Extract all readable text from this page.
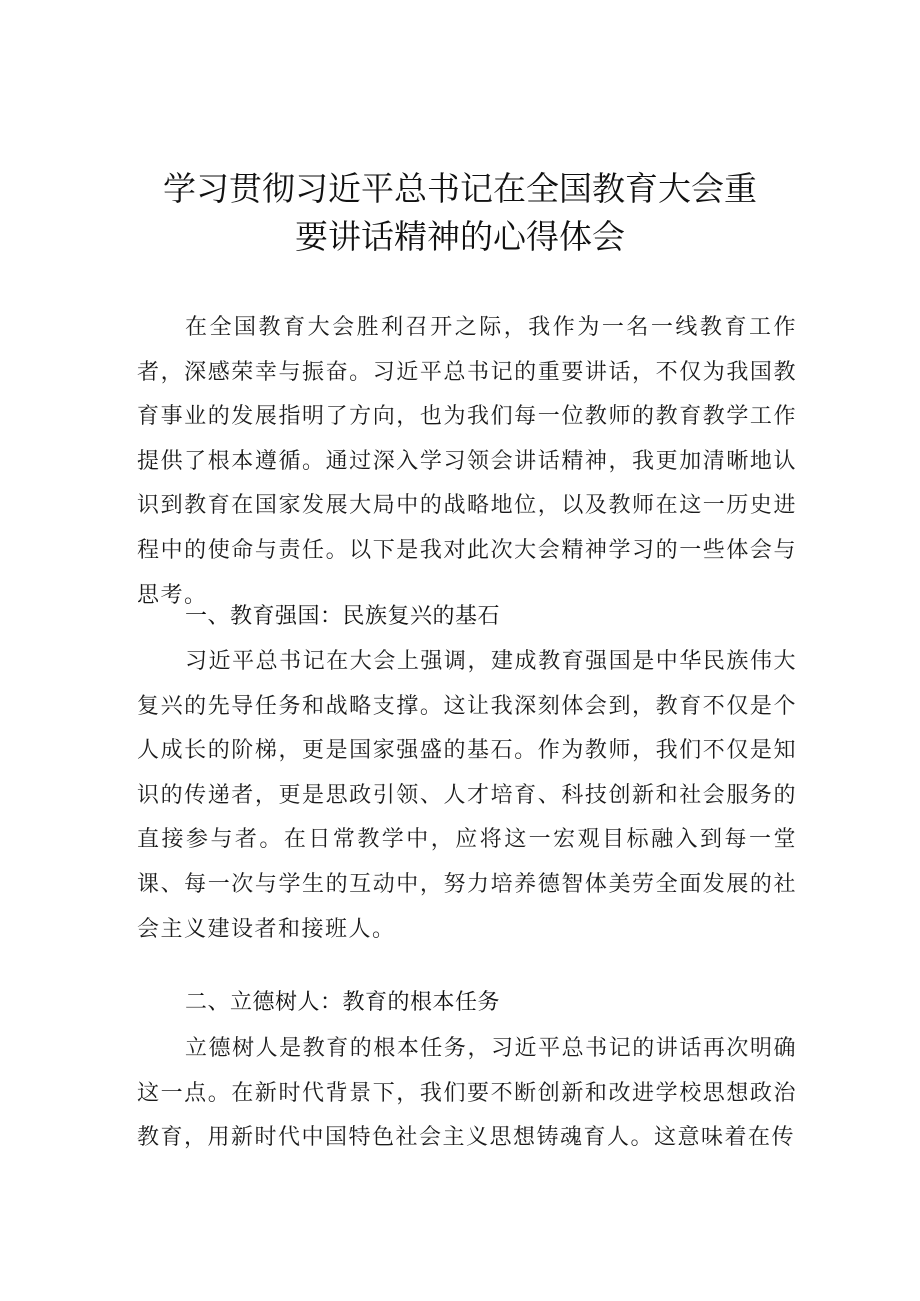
学习贯彻习近平总书记在全国教育大会重
要讲话精神的心得体会

在全国教育大会胜利召开之际，我作为一名一线教育工作者，深感荣幸与振奋。习近平总书记的重要讲话，不仅为我国教育事业的发展指明了方向，也为我们每一位教师的教育教学工作提供了根本遵循。通过深入学习领会讲话精神，我更加清晰地认识到教育在国家发展大局中的战略地位，以及教师在这一历史进程中的使命与责任。以下是我对此次大会精神学习的一些体会与思考。

一、教育强国：民族复兴的基石

习近平总书记在大会上强调，建成教育强国是中华民族伟大复兴的先导任务和战略支撑。这让我深刻体会到，教育不仅是个人成长的阶梯，更是国家强盛的基石。作为教师，我们不仅是知识的传递者，更是思政引领、人才培育、科技创新和社会服务的直接参与者。在日常教学中，应将这一宏观目标融入到每一堂课、每一次与学生的互动中，努力培养德智体美劳全面发展的社会主义建设者和接班人。

二、立德树人：教育的根本任务

立德树人是教育的根本任务，习近平总书记的讲话再次明确这一点。在新时代背景下，我们要不断创新和改进学校思想政治教育，用新时代中国特色社会主义思想铸魂育人。这意味着在传
